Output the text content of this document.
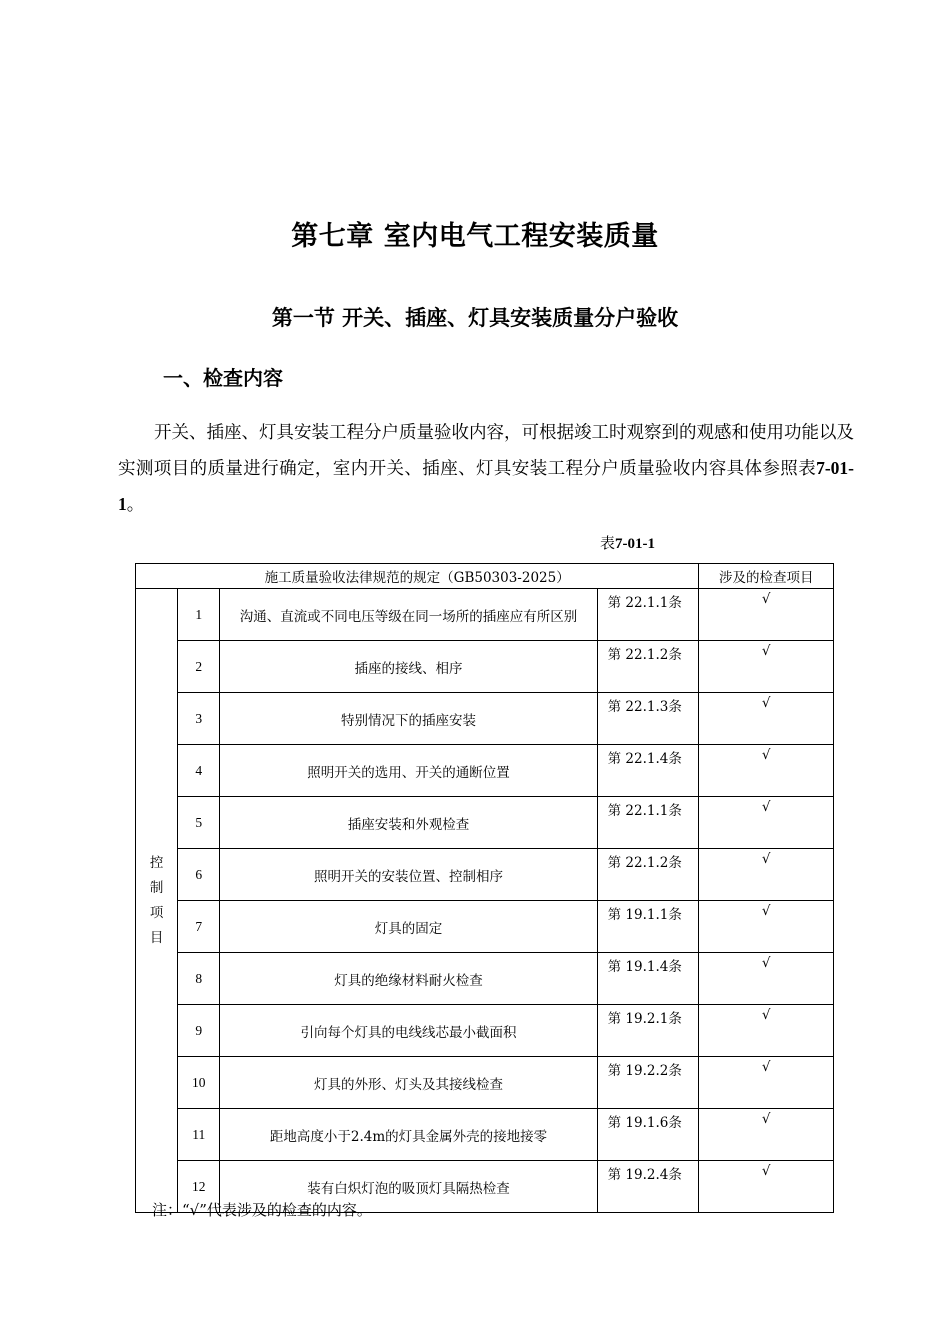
第七章 室内电气工程安装质量
第一节 开关、插座、灯具安装质量分户验收
一、检查内容
开关、插座、灯具安装工程分户质量验收内容，可根据竣工时观察到的观感和使用功能以及实测项目的质量进行确定，室内开关、插座、灯具安装工程分户质量验收内容具体参照表7-01-1。
表7-01-1
施工质量验收法律规范的规定（GB50303-2025）				涉及的检查项目
控制项目	1	沟通、直流或不同电压等级在同一场所的插座应有所区别	第 22.1.1条	√
	2	插座的接线、相序	第 22.1.2条	√
	3	特别情况下的插座安装	第 22.1.3条	√
	4	照明开关的选用、开关的通断位置	第 22.1.4条	√
	5	插座安装和外观检查	第 22.1.1条	√
	6	照明开关的安装位置、控制相序	第 22.1.2条	√
	7	灯具的固定	第 19.1.1条	√
	8	灯具的绝缘材料耐火检查	第 19.1.4条	√
	9	引向每个灯具的电线线芯最小截面积	第 19.2.1条	√
	10	灯具的外形、灯头及其接线检查	第 19.2.2条	√
	11	距地高度小于2.4m的灯具金属外壳的接地接零	第 19.1.6条	√
	12	装有白炽灯泡的吸顶灯具隔热检查	第 19.2.4条	√
注：“√”代表涉及的检查的内容。
